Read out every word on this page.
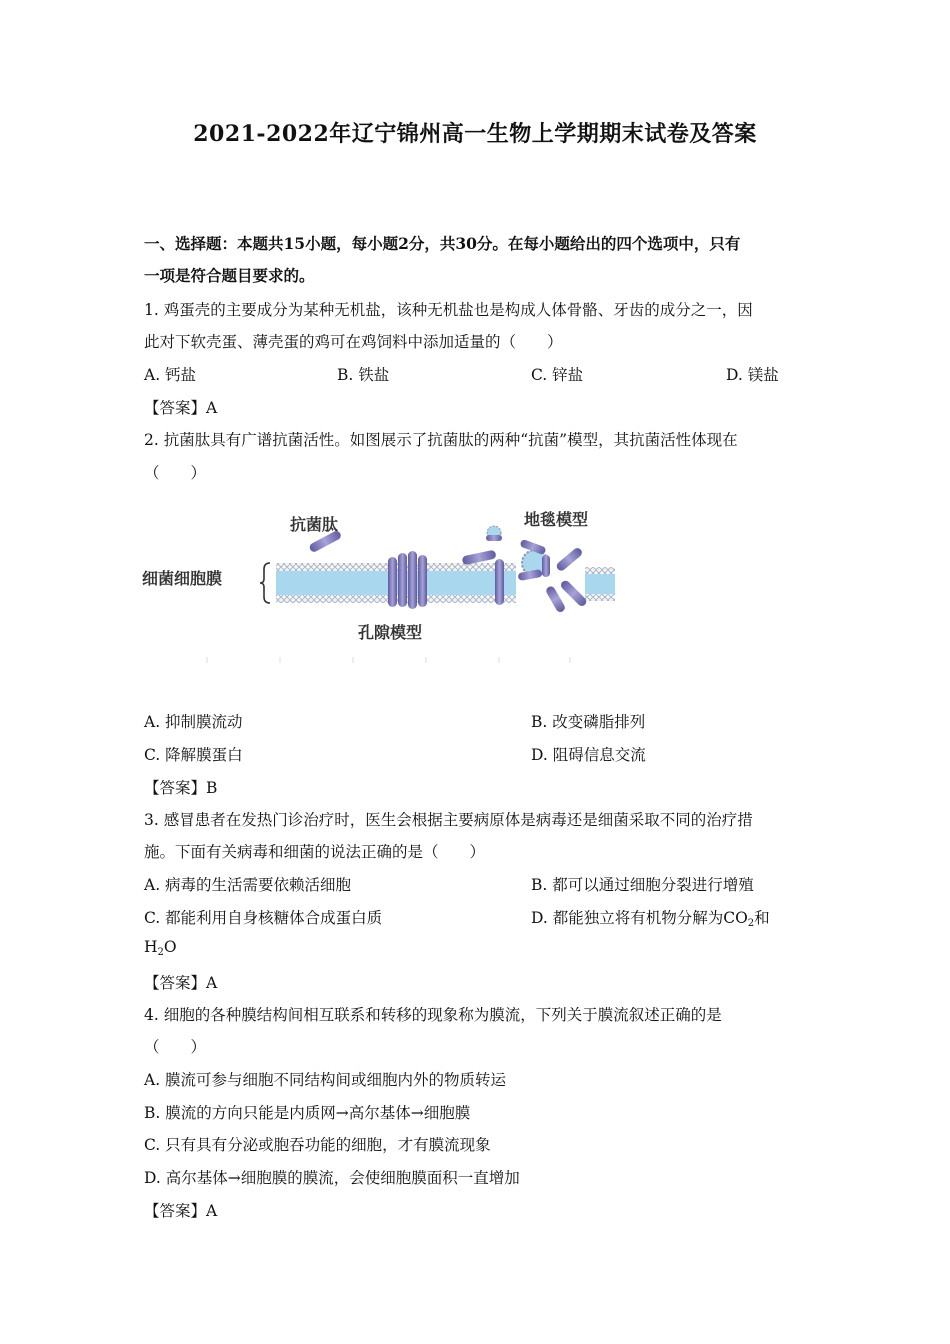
2021-2022年辽宁锦州高一生物上学期期末试卷及答案
一、选择题：本题共15小题，每小题2分，共30分。在每小题给出的四个选项中，只有
一项是符合题目要求的。
1. 鸡蛋壳的主要成分为某种无机盐，该种无机盐也是构成人体骨骼、牙齿的成分之一，因
此对下软壳蛋、薄壳蛋的鸡可在鸡饲料中添加适量的（　　）
A. 钙盐	B. 铁盐	C. 锌盐	D. 镁盐
【答案】A
2. 抗菌肽具有广谱抗菌活性。如图展示了抗菌肽的两种“抗菌”模型，其抗菌活性体现在
（　　）
抗菌肽	地毯模型
细菌细胞膜
孔隙模型
A. 抑制膜流动	B. 改变磷脂排列
C. 降解膜蛋白	D. 阻碍信息交流
【答案】B
3. 感冒患者在发热门诊治疗时，医生会根据主要病原体是病毒还是细菌采取不同的治疗措
施。下面有关病毒和细菌的说法正确的是（　　）
A. 病毒的生活需要依赖活细胞	B. 都可以通过细胞分裂进行增殖
C. 都能利用自身核糖体合成蛋白质	D. 都能独立将有机物分解为$CO_2$和
$H_2O$
【答案】A
4. 细胞的各种膜结构间相互联系和转移的现象称为膜流，下列关于膜流叙述正确的是
（　　）
A. 膜流可参与细胞不同结构间或细胞内外的物质转运
B. 膜流的方向只能是内质网→高尔基体→细胞膜
C. 只有具有分泌或胞吞功能的细胞，才有膜流现象
D. 高尔基体→细胞膜的膜流，会使细胞膜面积一直增加
【答案】A
